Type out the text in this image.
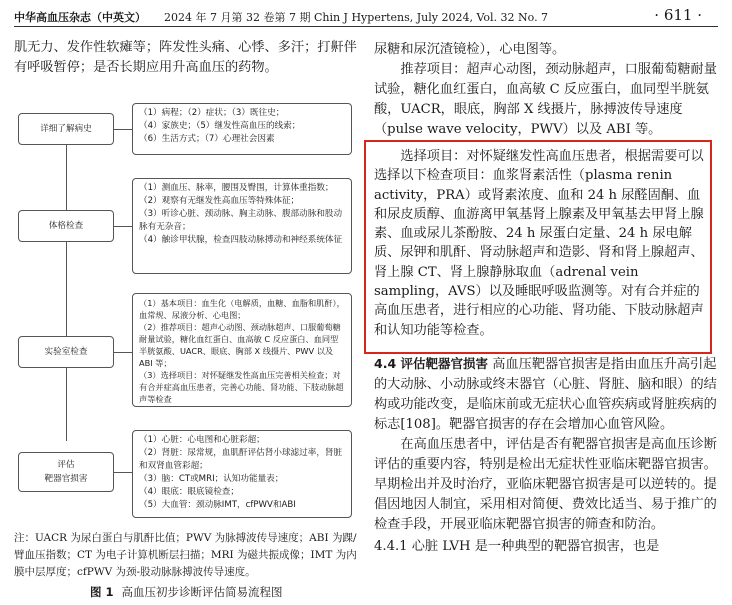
中华高血压杂志（中英文） 2024 年 7 月第 32 卷第 7 期 Chin J Hypertens, July 2024, Vol. 32 No. 7	· 611 ·
肌无力、发作性软瘫等；阵发性头痛、心悸、多汗；打鼾伴有呼吸暂停；是否长期应用升高血压的药物。
详细了解病史
（1）病程；（2）症状；（3）既往史；
（4）家族史；（5）继发性高血压的线索；
（6）生活方式；（7）心理社会因素
体格检查
（1）测血压、脉率，腰围及臀围，计算体重指数；
（2）观察有无继发性高血压等特殊体征；
（3）听诊心脏、颈动脉、胸主动脉、腹部动脉和股动脉有无杂音；
（4）触诊甲状腺，检查四肢动脉搏动和神经系统体征
实验室检查
（1）基本项目：血生化（电解质，血糖、血脂和肌酐），血常规、尿液分析、心电图；
（2）推荐项目：超声心动图、颈动脉超声、口服葡萄糖耐量试验，糖化血红蛋白、血高敏 C 反应蛋白、血同型半胱氨酸、UACR、眼底、胸部 X 线摄片、PWV 以及 ABI 等；
（3）选择项目：对怀疑继发性高血压完善相关检查；对有合并症高血压患者，完善心功能、肾功能、下肢动脉超声等检查
评估
靶器官损害
（1）心脏：心电图和心脏彩超；
（2）肾脏：尿常规，血肌酐评估肾小球滤过率，肾脏和双肾血管彩超；
（3）脑：CT或MRI；认知功能量表；
（4）眼底：眼底镜检查；
（5）大血管：颈动脉IMT，cfPWV和ABI
注：UACR 为尿白蛋白与肌酐比值；PWV 为脉搏波传导速度；ABI 为踝/臂血压指数；CT 为电子计算机断层扫描；MRI 为磁共振成像；IMT 为内膜中层厚度；cfPWV 为颈-股动脉脉搏波传导速度。
图 1 高血压初步诊断评估简易流程图
尿糖和尿沉渣镜检），心电图等。
推荐项目：超声心动图，颈动脉超声，口服葡萄糖耐量试验，糖化血红蛋白，血高敏 C 反应蛋白，血同型半胱氨酸，UACR，眼底，胸部 X 线摄片，脉搏波传导速度（pulse wave velocity，PWV）以及 ABI 等。
选择项目：对怀疑继发性高血压患者，根据需要可以选择以下检查项目：血浆肾素活性（plasma renin activity，PRA）或肾素浓度、血和 24 h 尿醛固酮、血和尿皮质醇、血游离甲氧基肾上腺素及甲氧基去甲肾上腺素、血或尿儿茶酚胺、24 h 尿蛋白定量、24 h 尿电解质、尿钾和肌酐、肾动脉超声和造影、肾和肾上腺超声、肾上腺 CT、肾上腺静脉取血（adrenal vein sampling，AVS）以及睡眠呼吸监测等。对有合并症的高血压患者，进行相应的心功能、肾功能、下肢动脉超声和认知功能等检查。
4.4 评估靶器官损害 高血压靶器官损害是指由血压升高引起的大动脉、小动脉或终末器官（心脏、肾脏、脑和眼）的结构或功能改变，是临床前或无症状心血管疾病或肾脏疾病的标志[108]。靶器官损害的存在会增加心血管风险。
在高血压患者中，评估是否有靶器官损害是高血压诊断评估的重要内容，特别是检出无症状性亚临床靶器官损害。早期检出并及时治疗，亚临床靶器官损害是可以逆转的。提倡因地因人制宜，采用相对简便、费效比适当、易于推广的检查手段，开展亚临床靶器官损害的筛查和防治。
4.4.1 心脏 LVH 是一种典型的靶器官损害，也是
